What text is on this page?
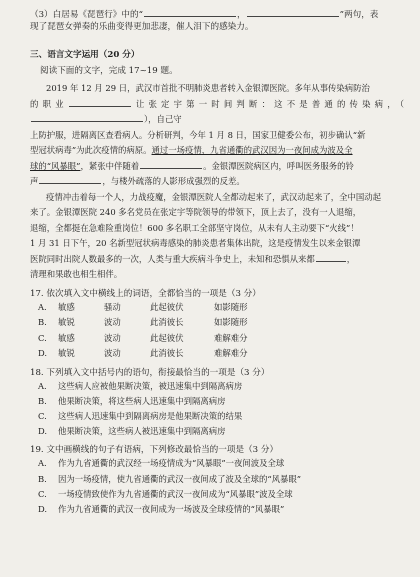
（3）白居易《琵琶行》中的“	，	”两句，表

现了琵琶女弹奏的乐曲变得更加悲凄，催人泪下的感染力。

三、语言文字运用（20 分）
阅读下面的文字，完成 17~19 题。

2019 年 12 月 29 日，武汉市首批不明肺炎患者转入金银潭医院。多年从事传染病防治

的职业	让张定宇第一时间判断：这不是普通的传染病，（），自己守

上防护服，进隔离区查看病人。分析研判，今年 1 月 8 日，国家卫健委公布，初步确认“新

型冠状病毒”为此次疫情的病原。通过一场疫情，九省通衢的武汉因为一夜间成为波及全

球的“风暴眼”，紧张中伴随着	。金银潭医院病区内，呼叫医务服务的铃

声	，与楼外疏落的人影形成强烈的反差。

疫情冲击着每一个人，力战疫魔，金银潭医院人全都动起来了，武汉动起来了，全中国动起

来了。金银潭医院 240 多名党员在张定宇等院领导的带领下，顶上去了，没有一人退缩，

退缩，全都挺在急难险重岗位！600 多名职工全部坚守岗位，从未有人主动要下“火线”！

1 月 31 日下午，20 名新型冠状病毒感染的肺炎患者集体出院，这是疫情发生以来金银潭

医院同时出院人数最多的一次，人类与重大疾病斗争史上，未知和恐惧从来都	，

清理和果敢也相生相伴。

17. 依次填入文中横线上的词语，全都恰当的一项是（3 分）
A.	敏感	骚动	此起彼伏	如影随形
B.	敏锐	波动	此消彼长	如影随形
C.	敏感	波动	此起彼伏	难解难分
D.	敏锐	波动	此消彼长	难解难分
18. 下列填入文中括号内的语句，衔接最恰当的一项是（3 分）
A.	这些病人应被他果断决策，被迅速集中到隔离病房
B.	他果断决策，将这些病人迅速集中到隔离病房
C.	这些病人迅速集中到隔离病房是他果断决策的结果
D.	他果断决策，这些病人被迅速集中到隔离病房
19. 文中画横线的句子有语病，下列修改最恰当的一项是（3 分）
A.	作为九省通衢的武汉经一场疫情成为“风暴眼”一夜间波及全球
B.	因为一场疫情，使九省通衢的武汉一夜间成了波及全球的“风暴眼”
C.	一场疫情致使作为九省通衢的武汉一夜间成为“风暴眼”波及全球
D.	作为九省通衢的武汉一夜间成为一场波及全球疫情的“风暴眼”
